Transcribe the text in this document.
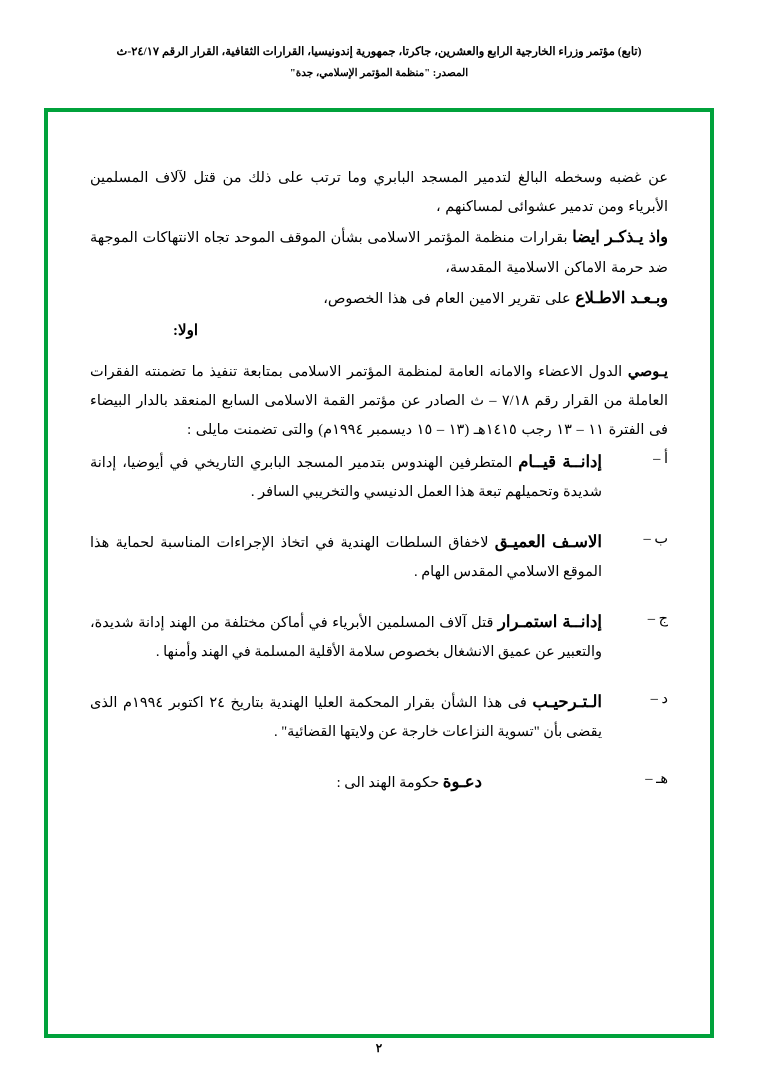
(تابع) مؤتمر وزراء الخارجية الرابع والعشرين، جاكرتا، جمهورية إندونيسيا، القرارات الثقافية، القرار الرقم ٢٤/١٧-ث
المصدر: "منظمة المؤتمر الإسلامي، جدة"

عن غضبه وسخطه البالغ لتدمير المسجد البابري وما ترتب على ذلك من قتل لآلاف المسلمين الأبرياء ومن تدمير عشوائى لمساكنهم ،

واذ يـذكـر ايضا بقرارات منظمة المؤتمر الاسلامى بشأن الموقف الموحد تجاه الانتهاكات الموجهة ضد حرمة الاماكن الاسلامية المقدسة،

وبـعـد الاطـلاع على تقرير الامين العام فى هذا الخصوص،

اولا:

يـوصي الدول الاعضاء والامانه العامة لمنظمة المؤتمر الاسلامى بمتابعة تنفيذ ما تضمنته الفقرات العاملة من القرار رقم ٧/١٨ – ث الصادر عن مؤتمر القمة الاسلامى السابع المنعقد بالدار البيضاء فى الفترة ١١ – ١٣ رجب ١٤١٥هـ (١٣ – ١٥ ديسمبر ١٩٩٤م) والتى تضمنت مايلى :

أ –
إدانــة قيــام المتطرفين الهندوس بتدمير المسجد البابري التاريخي في أيوضيا، إدانة شديدة وتحميلهم تبعة هذا العمل الدنيسي والتخريبي السافر .
ب –
الاسـف العميـق لاخفاق السلطات الهندية في اتخاذ الإجراءات المناسبة لحماية هذا الموقع الاسلامي المقدس الهام .
ج –
إدانــة استمـرار قتل آلاف المسلمين الأبرياء في أماكن مختلفة من الهند إدانة شديدة، والتعبير عن عميق الانشغال بخصوص سلامة الأقلية المسلمة في الهند وأمنها .
د –
الـتـرحيـب فى هذا الشأن بقرار المحكمة العليا الهندية بتاريخ ٢٤ اكتوبر ١٩٩٤م الذى يقضى بأن "تسوية النزاعات خارجة عن ولايتها القضائية" .
هـ –
دعـوة حكومة الهند الى :
٢
